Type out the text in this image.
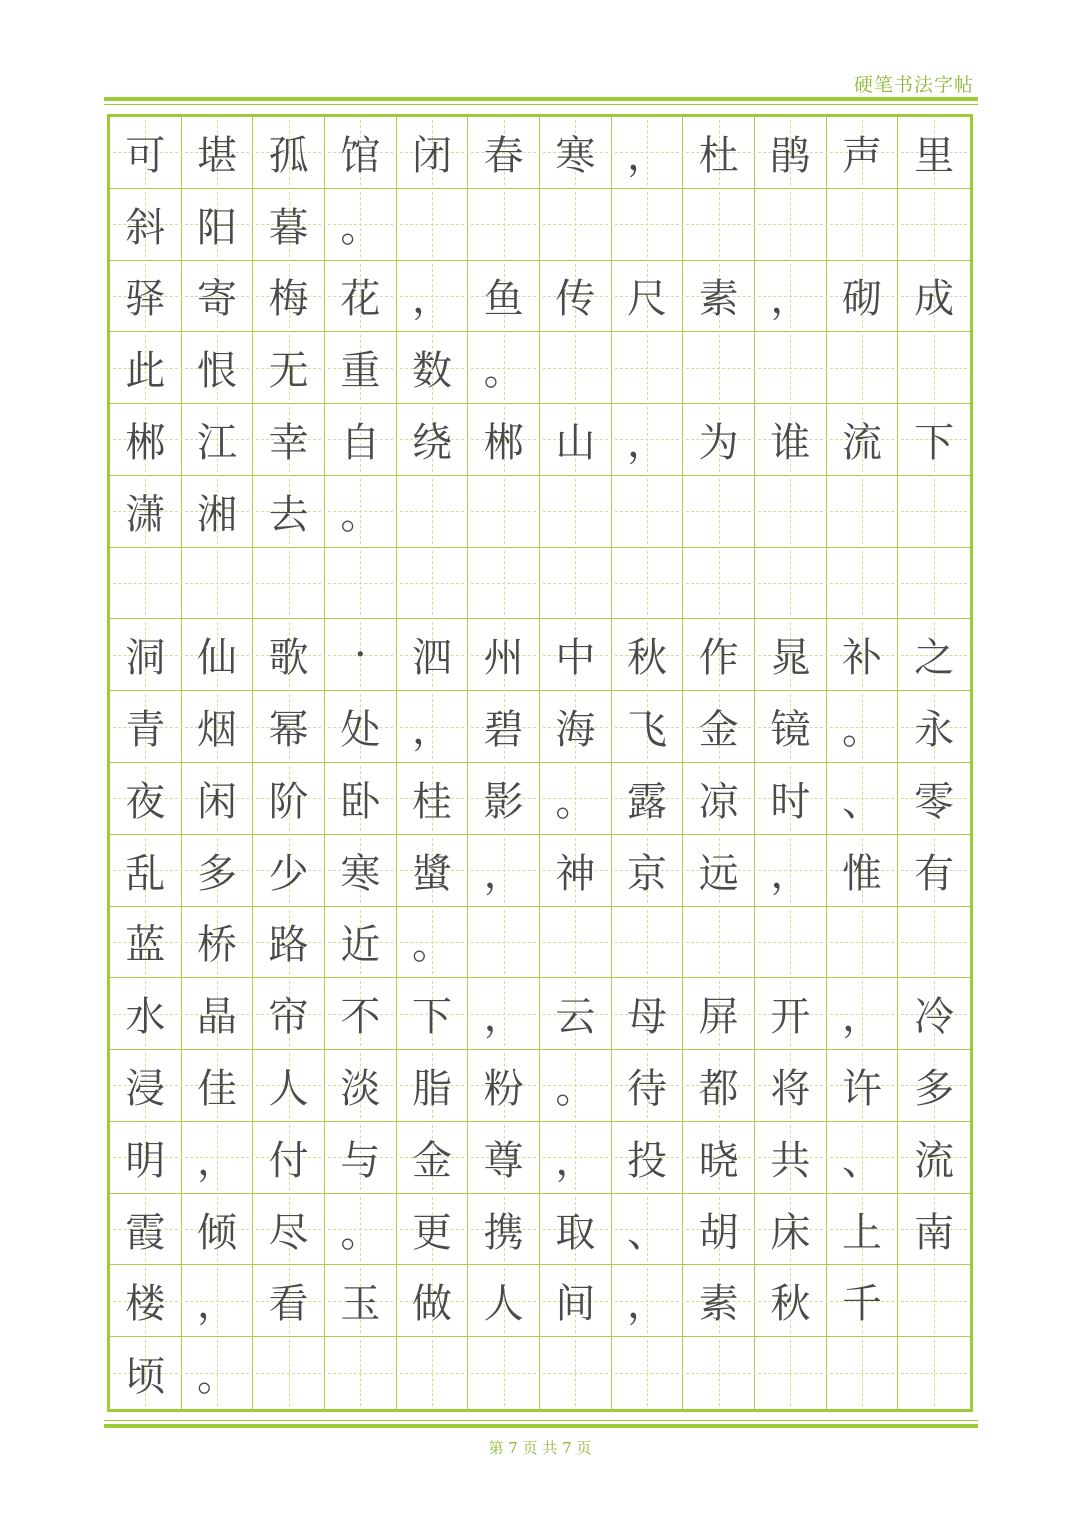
硬笔书法字帖
可 堪 孤 馆 闭 春 寒 ， 杜 鹃 声 里
斜 阳 暮 。
驿 寄 梅 花 ， 鱼 传 尺 素 ， 砌 成
此 恨 无 重 数 。
郴 江 幸 自 绕 郴 山 ， 为 谁 流 下
潇 湘 去 。
洞 仙 歌 · 泗 州 中 秋 作 晁 补 之
青 烟 幂 处 ， 碧 海 飞 金 镜 。 永
夜 闲 阶 卧 桂 影 。 露 凉 时 、 零
乱 多 少 寒 螿 ， 神 京 远 ， 惟 有
蓝 桥 路 近 。
水 晶 帘 不 下 ， 云 母 屏 开 ， 冷
浸 佳 人 淡 脂 粉 。 待 都 将 许 多
明 ， 付 与 金 尊 ， 投 晓 共 、 流
霞 倾 尽 。 更 携 取 、 胡 床 上 南
楼 ， 看 玉 做 人 间 ， 素 秋 千
顷 。
第 7 页 共 7 页
